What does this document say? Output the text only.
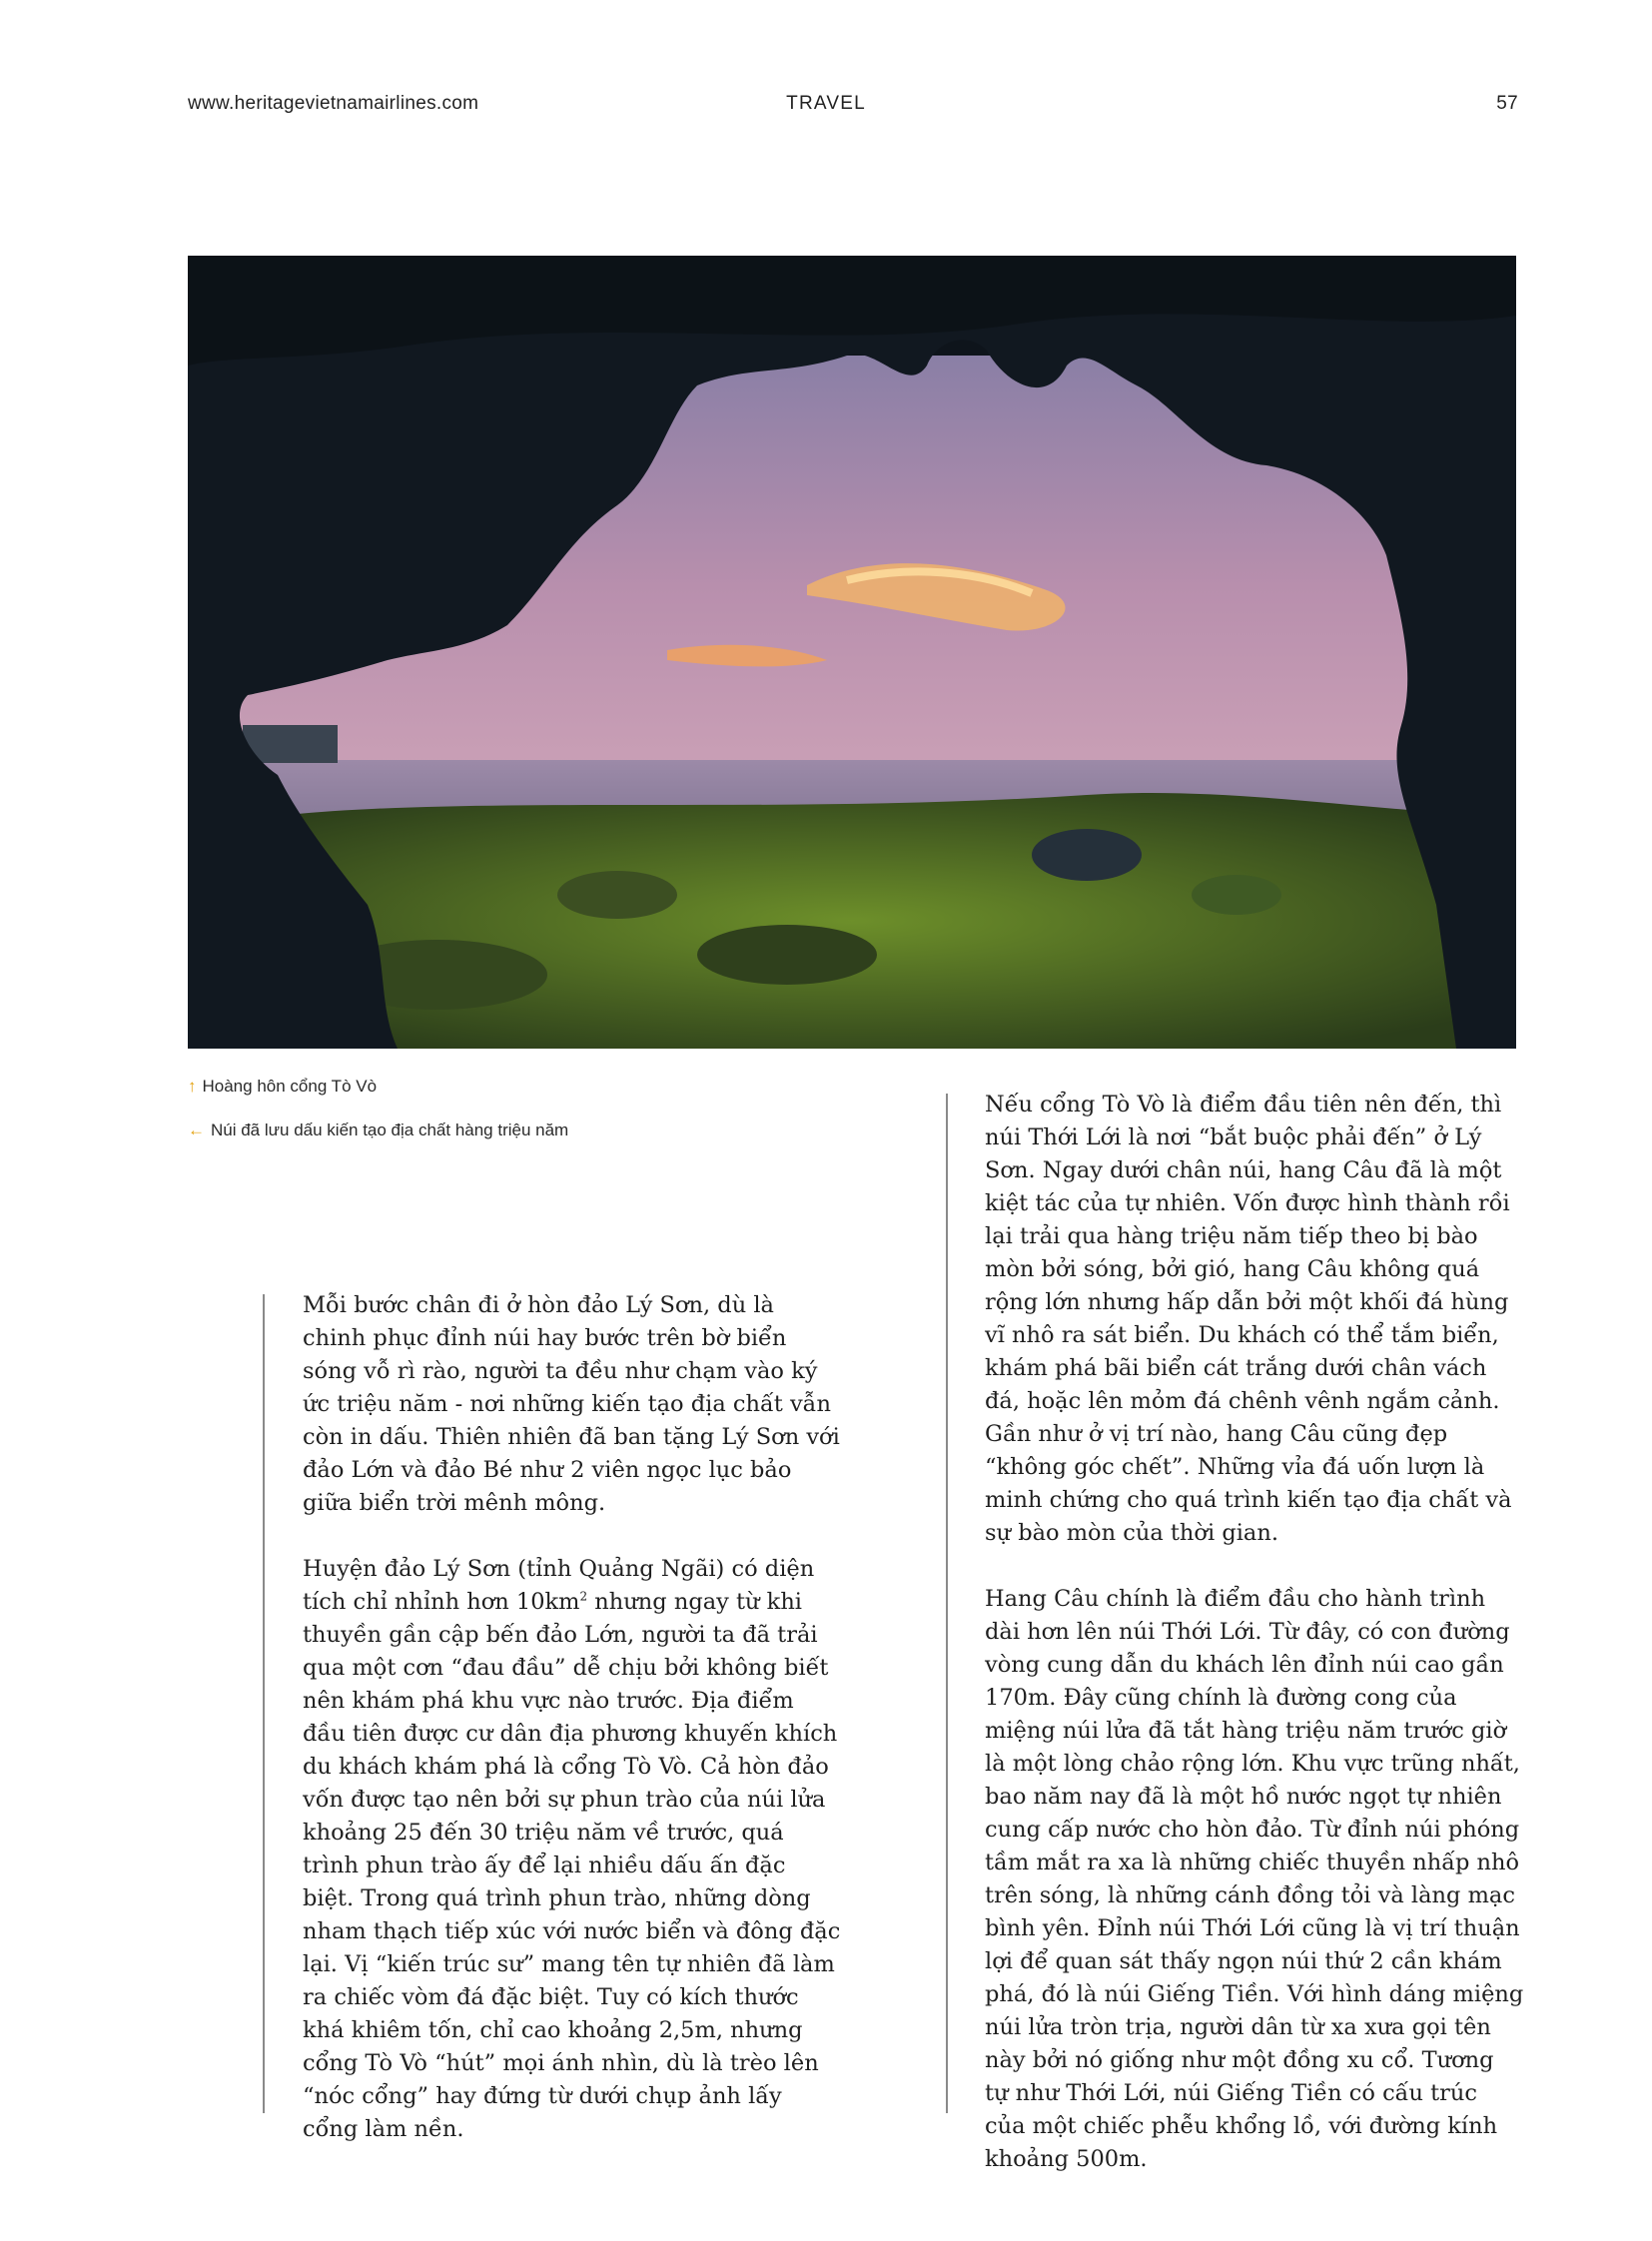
www.heritagevietnamairlines.com	TRAVEL	57
↑ Hoàng hôn cổng Tò Vò
← Núi đã lưu dấu kiến tạo địa chất hàng triệu năm

Mỗi bước chân đi ở hòn đảo Lý Sơn, dù là chinh phục đỉnh núi hay bước trên bờ biển sóng vỗ rì rào, người ta đều như chạm vào ký ức triệu năm - nơi những kiến tạo địa chất vẫn còn in dấu. Thiên nhiên đã ban tặng Lý Sơn với đảo Lớn và đảo Bé như 2 viên ngọc lục bảo giữa biển trời mênh mông.

Huyện đảo Lý Sơn (tỉnh Quảng Ngãi) có diện tích chỉ nhỉnh hơn $10km^2$ nhưng ngay từ khi thuyền gần cập bến đảo Lớn, người ta đã trải qua một cơn “đau đầu” dễ chịu bởi không biết nên khám phá khu vực nào trước. Địa điểm đầu tiên được cư dân địa phương khuyến khích du khách khám phá là cổng Tò Vò. Cả hòn đảo vốn được tạo nên bởi sự phun trào của núi lửa khoảng 25 đến 30 triệu năm về trước, quá trình phun trào ấy để lại nhiều dấu ấn đặc biệt. Trong quá trình phun trào, những dòng nham thạch tiếp xúc với nước biển và đông đặc lại. Vị “kiến trúc sư” mang tên tự nhiên đã làm ra chiếc vòm đá đặc biệt. Tuy có kích thước khá khiêm tốn, chỉ cao khoảng 2,5m, nhưng cổng Tò Vò “hút” mọi ánh nhìn, dù là trèo lên “nóc cổng” hay đứng từ dưới chụp ảnh lấy cổng làm nền.

Nếu cổng Tò Vò là điểm đầu tiên nên đến, thì núi Thới Lới là nơi “bắt buộc phải đến” ở Lý Sơn. Ngay dưới chân núi, hang Câu đã là một kiệt tác của tự nhiên. Vốn được hình thành rồi lại trải qua hàng triệu năm tiếp theo bị bào mòn bởi sóng, bởi gió, hang Câu không quá rộng lớn nhưng hấp dẫn bởi một khối đá hùng vĩ nhô ra sát biển. Du khách có thể tắm biển, khám phá bãi biển cát trắng dưới chân vách đá, hoặc lên mỏm đá chênh vênh ngắm cảnh. Gần như ở vị trí nào, hang Câu cũng đẹp “không góc chết”. Những vỉa đá uốn lượn là minh chứng cho quá trình kiến tạo địa chất và sự bào mòn của thời gian.

Hang Câu chính là điểm đầu cho hành trình dài hơn lên núi Thới Lới. Từ đây, có con đường vòng cung dẫn du khách lên đỉnh núi cao gần 170m. Đây cũng chính là đường cong của miệng núi lửa đã tắt hàng triệu năm trước giờ là một lòng chảo rộng lớn. Khu vực trũng nhất, bao năm nay đã là một hồ nước ngọt tự nhiên cung cấp nước cho hòn đảo. Từ đỉnh núi phóng tầm mắt ra xa là những chiếc thuyền nhấp nhô trên sóng, là những cánh đồng tỏi và làng mạc bình yên. Đỉnh núi Thới Lới cũng là vị trí thuận lợi để quan sát thấy ngọn núi thứ 2 cần khám phá, đó là núi Giếng Tiền. Với hình dáng miệng núi lửa tròn trịa, người dân từ xa xưa gọi tên này bởi nó giống như một đồng xu cổ. Tương tự như Thới Lới, núi Giếng Tiền có cấu trúc của một chiếc phễu khổng lồ, với đường kính khoảng 500m.
